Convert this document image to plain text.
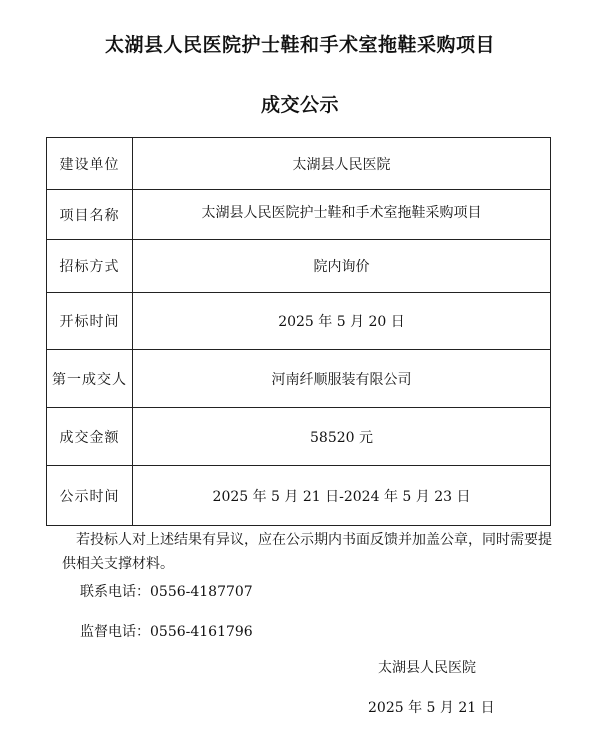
太湖县人民医院护士鞋和手术室拖鞋采购项目
成交公示
建设单位	太湖县人民医院
项目名称	太湖县人民医院护士鞋和手术室拖鞋采购项目
招标方式	院内询价
开标时间	2025 年 5 月 20 日
第一成交人	河南纤顺服装有限公司
成交金额	58520 元
公示时间	2025 年 5 月 21 日-2024 年 5 月 23 日
若投标人对上述结果有异议，应在公示期内书面反馈并加盖公章，同时需要提供相关支撑材料。
联系电话：0556-4187707
监督电话：0556-4161796
太湖县人民医院
2025 年 5 月 21 日
